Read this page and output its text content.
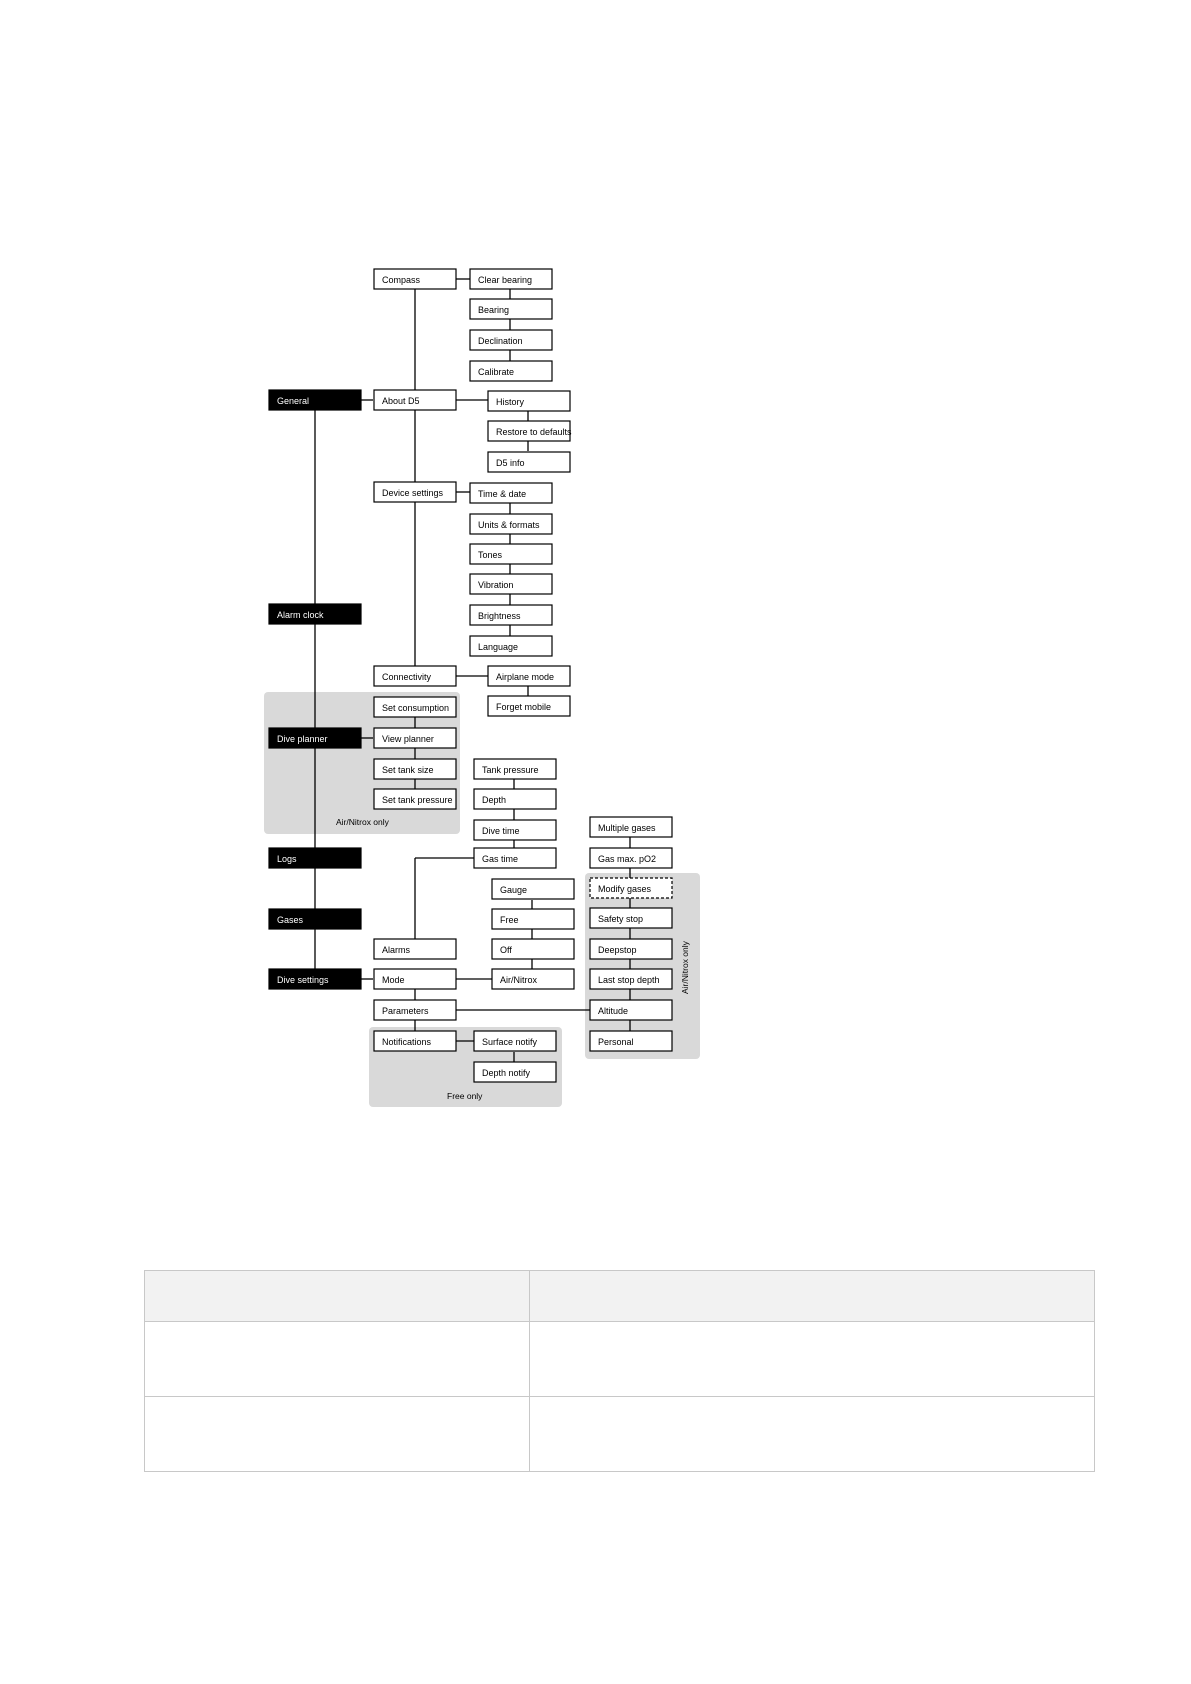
General
Alarm clock
Dive planner
Logs
Gases
Dive settings
Compass
About D5
Device settings
Connectivity
Clear bearing
Bearing
Declination
Calibrate
History
Restore to defaults
D5 info
Time & date
Units & formats
Tones
Vibration
Brightness
Language
Airplane mode
Forget mobile
Set consumption
View planner
Set tank size
Set tank pressure
Air/Nitrox only
Tank pressure
Depth
Dive time
Gas time
Alarms
Mode
Parameters
Notifications
Gauge
Free
Off
Air/Nitrox
Multiple gases
Gas max. pO2
Modify gases
Safety stop
Deepstop
Last stop depth
Altitude
Personal
Air/Nitrox only
Surface notify
Depth notify
Free only
